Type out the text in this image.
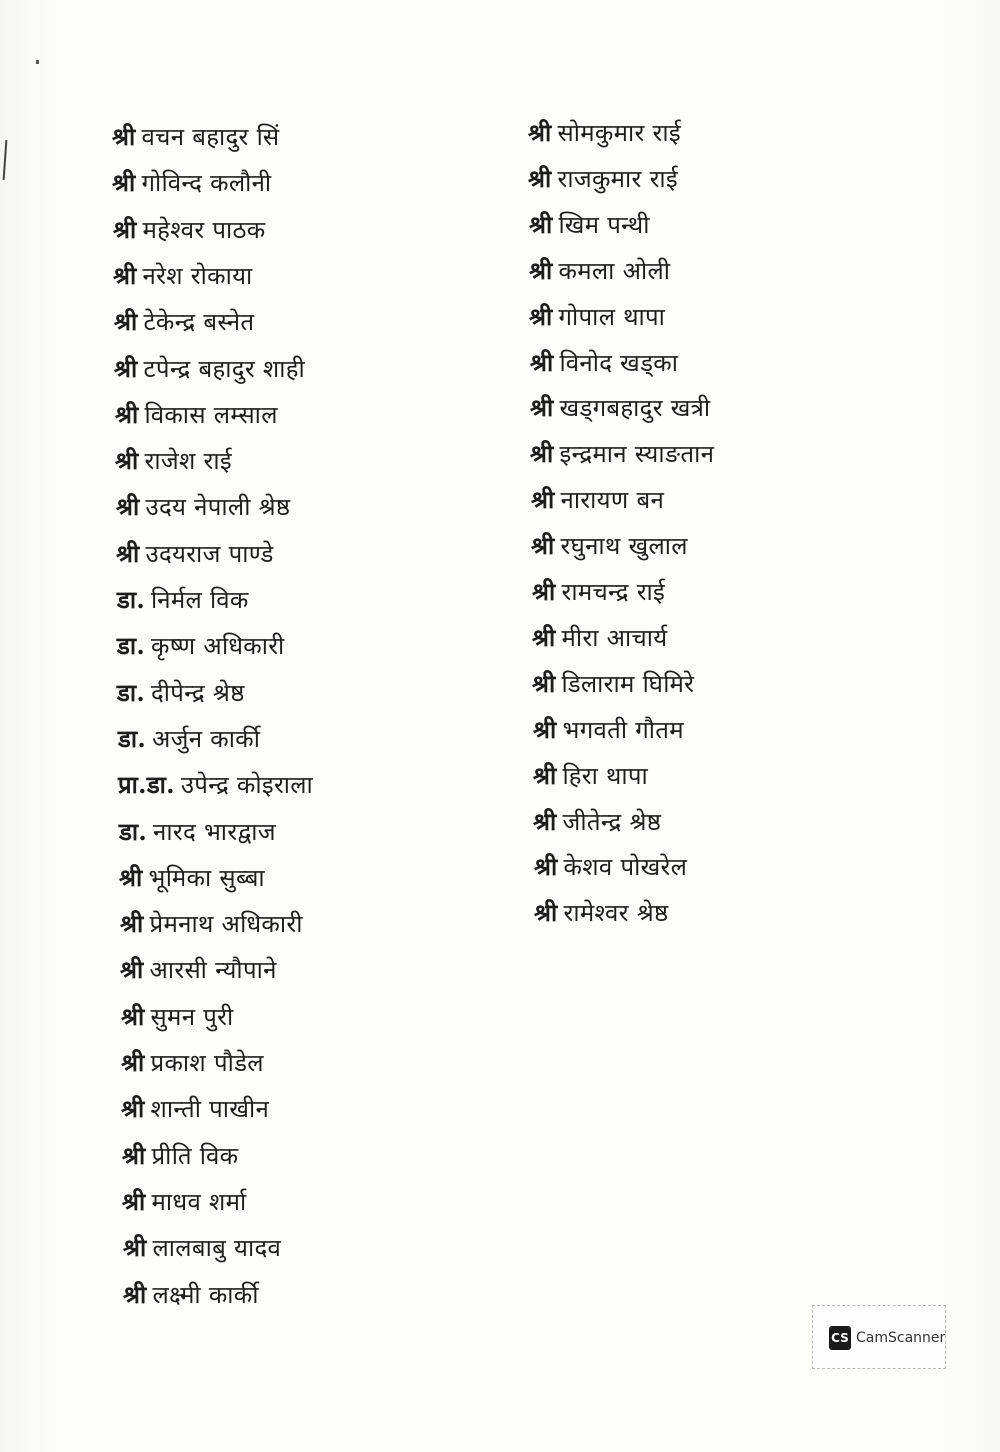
श्री वचन बहादुर सिं
श्री गोविन्द कलौनी
श्री महेश्वर पाठक
श्री नरेश रोकाया
श्री टेकेन्द्र बस्नेत
श्री टपेन्द्र बहादुर शाही
श्री विकास लम्साल
श्री राजेश राई
श्री उदय नेपाली श्रेष्ठ
श्री उदयराज पाण्डे
डा. निर्मल विक
डा. कृष्ण अधिकारी
डा. दीपेन्द्र श्रेष्ठ
डा. अर्जुन कार्की
प्रा.डा. उपेन्द्र कोइराला
डा. नारद भारद्वाज
श्री भूमिका सुब्बा
श्री प्रेमनाथ अधिकारी
श्री आरसी न्यौपाने
श्री सुमन पुरी
श्री प्रकाश पौडेल
श्री शान्ती पाखीन
श्री प्रीति विक
श्री माधव शर्मा
श्री लालबाबु यादव
श्री लक्ष्मी कार्की
श्री सोमकुमार राई
श्री राजकुमार राई
श्री खिम पन्थी
श्री कमला ओली
श्री गोपाल थापा
श्री विनोद खड्का
श्री खड्गबहादुर खत्री
श्री इन्द्रमान स्याङतान
श्री नारायण बन
श्री रघुनाथ खुलाल
श्री रामचन्द्र राई
श्री मीरा आचार्य
श्री डिलाराम घिमिरे
श्री भगवती गौतम
श्री हिरा थापा
श्री जीतेन्द्र श्रेष्ठ
श्री केशव पोखरेल
श्री रामेश्वर श्रेष्ठ
CS CamScanner
